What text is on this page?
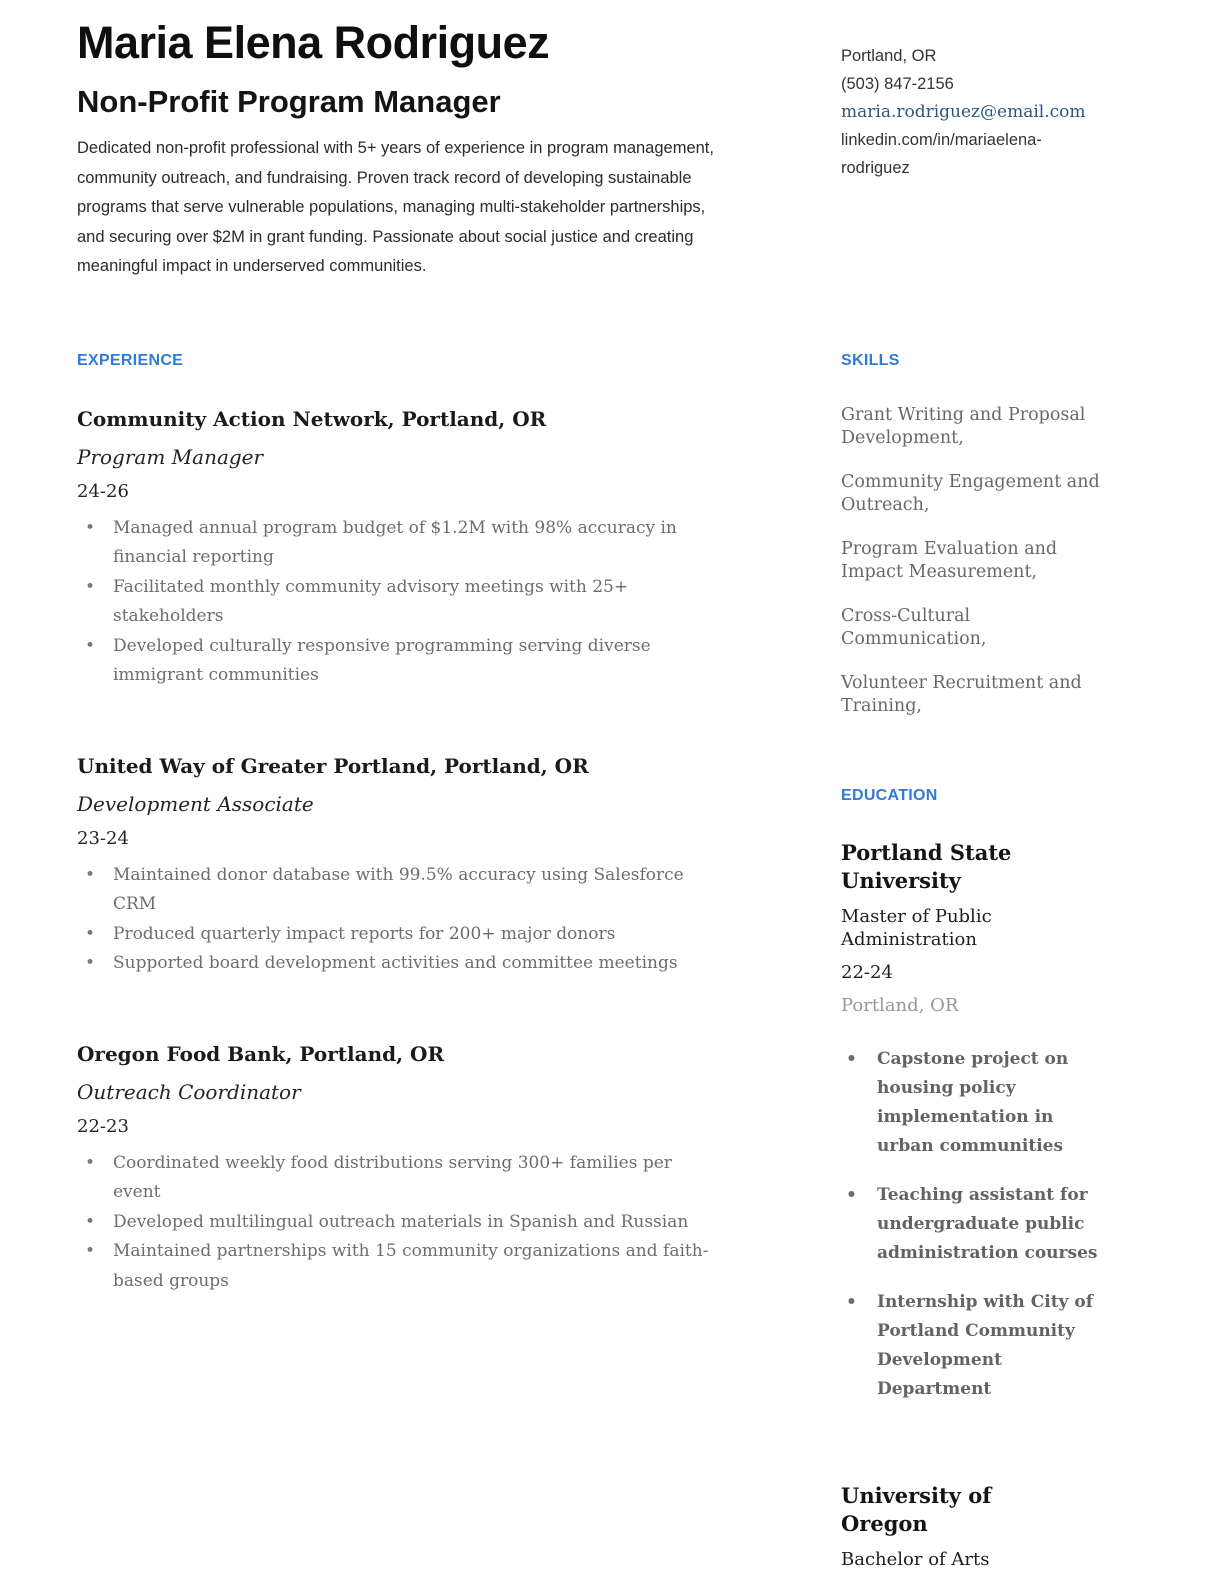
Maria Elena Rodriguez
Non-Profit Program Manager

Dedicated non-profit professional with 5+ years of experience in program management, community outreach, and fundraising. Proven track record of developing sustainable programs that serve vulnerable populations, managing multi-stakeholder partnerships, and securing over $2M in grant funding. Passionate about social justice and creating meaningful impact in underserved communities.

Portland, OR
(503) 847-2156
maria.rodriguez@email.com
linkedin.com/in/mariaelena-rodriguez
EXPERIENCE
Community Action Network, Portland, OR
Program Manager
24-26
• Managed annual program budget of $1.2M with 98% accuracy in financial reporting
• Facilitated monthly community advisory meetings with 25+ stakeholders
• Developed culturally responsive programming serving diverse immigrant communities
United Way of Greater Portland, Portland, OR
Development Associate
23-24
• Maintained donor database with 99.5% accuracy using Salesforce CRM
• Produced quarterly impact reports for 200+ major donors
• Supported board development activities and committee meetings
Oregon Food Bank, Portland, OR
Outreach Coordinator
22-23
• Coordinated weekly food distributions serving 300+ families per event
• Developed multilingual outreach materials in Spanish and Russian
• Maintained partnerships with 15 community organizations and faith-based groups
SKILLS
Grant Writing and Proposal Development,
Community Engagement and Outreach,
Program Evaluation and Impact Measurement,
Cross-Cultural Communication,
Volunteer Recruitment and Training,
EDUCATION
Portland State University
Master of Public Administration
22-24
Portland, OR
• Capstone project on housing policy implementation in urban communities
• Teaching assistant for undergraduate public administration courses
• Internship with City of Portland Community Development Department
University of Oregon
Bachelor of Arts
